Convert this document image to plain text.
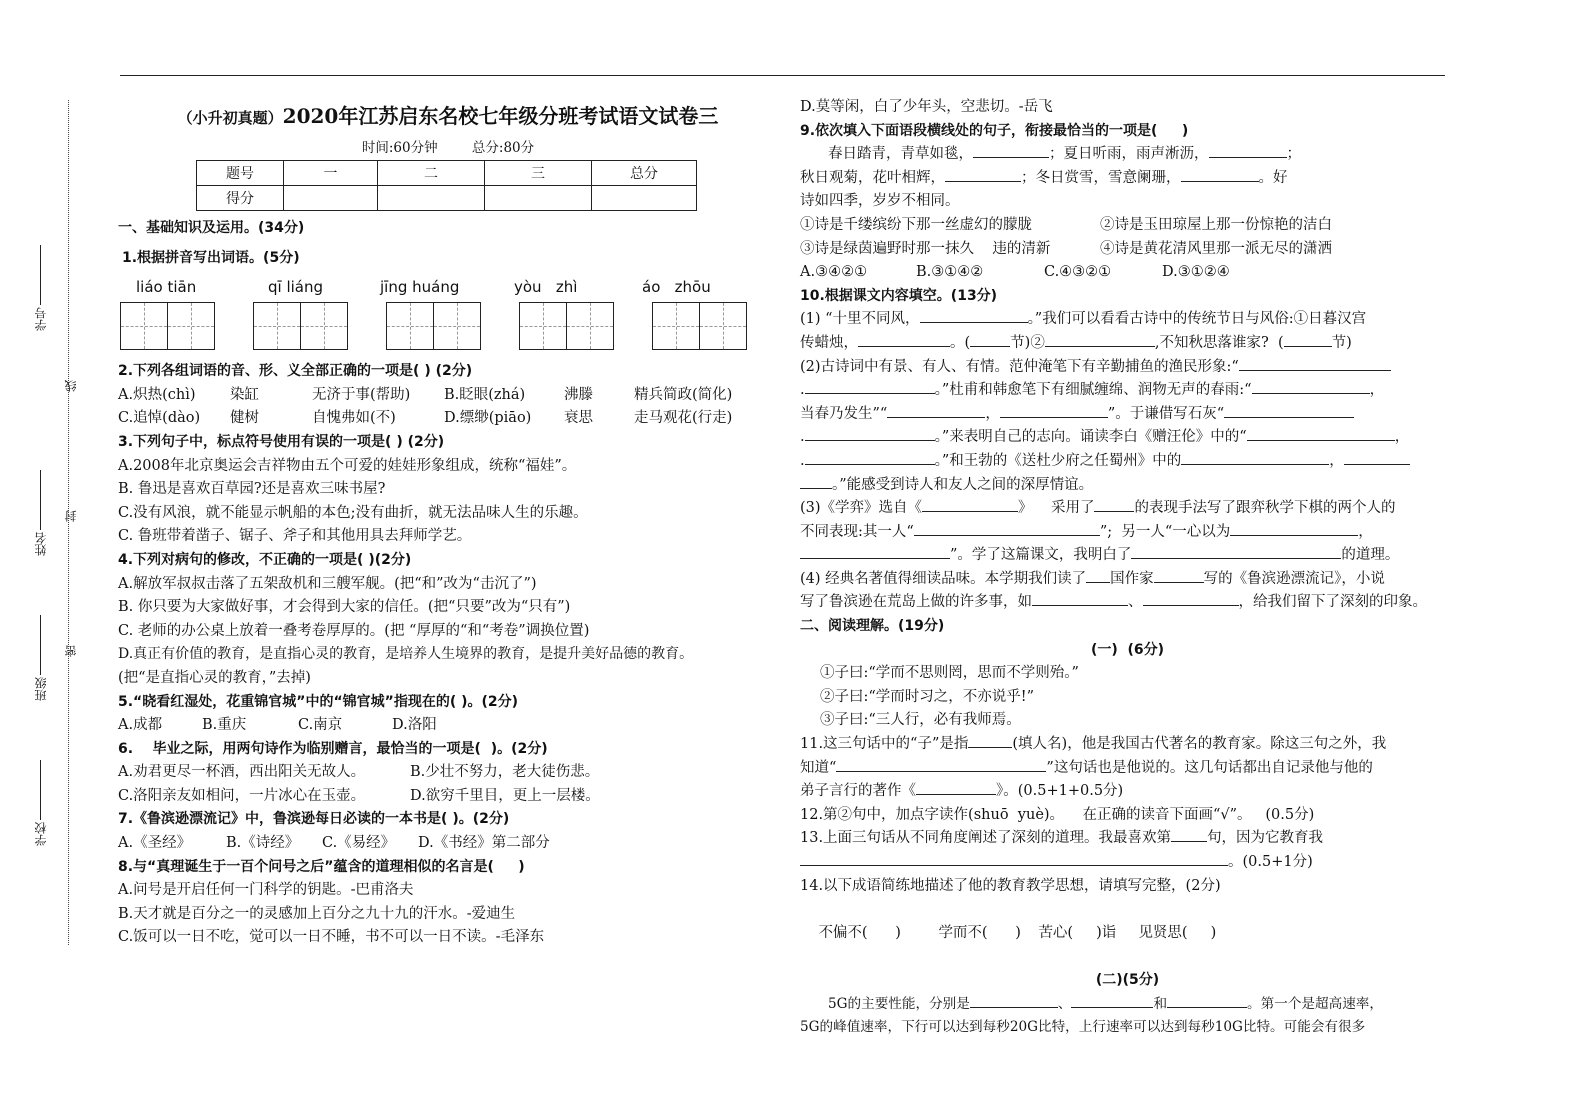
学号
线
姓名
封
班级
密
学校
（小升初真题）2020年江苏启东名校七年级分班考试语文试卷三
时间:60分钟	总分:80分
题号	一	二	三	总分
得分				
一、基础知识及运用。(34分)
1.根据拼音写出词语。(5分)
liáo tiān	qī liáng	jīng huáng	yòu   zhì	áo   zhōu
2.下列各组词语的音、形、义全部正确的一项是( ) (2分)
A.炽热(chì) 染缸	无济于事(帮助) B.眨眼(zhá)	沸滕	精兵简政(简化)
C.追悼(dào) 健树	自愧弗如(不)	D.缥缈(piāo) 衰思	走马观花(行走)
3.下列句子中，标点符号使用有误的一项是( ) (2分)
A.2008年北京奥运会吉祥物由五个可爱的娃娃形象组成，统称“福娃”。
B. 鲁迅是喜欢百草园?还是喜欢三味书屋?
C.没有风浪，就不能显示帆船的本色;没有曲折，就无法品味人生的乐趣。
C. 鲁班带着凿子、锯子、斧子和其他用具去拜师学艺。
4.下列对病句的修改，不正确的一项是( )(2分)
A.解放军叔叔击落了五架敌机和三艘军舰。(把“和”改为“击沉了”)
B. 你只要为大家做好事，才会得到大家的信任。(把“只要”改为“只有”)
C. 老师的办公桌上放着一叠考卷厚厚的。(把 “厚厚的“和“考卷”调换位置)
D.真正有价值的教育，是直指心灵的教育，是培养人生境界的教育，是提升美好品德的教育。
(把“是直指心灵的教育，”去掉)
5.“晓看红湿处，花重锦官城”中的“锦官城”指现在的( )。(2分)
A.成都	B.重庆	C.南京	D.洛阳
6.    毕业之际，用两句诗作为临别赠言，最恰当的一项是(  )。(2分)
A.劝君更尽一杯酒，西出阳关无故人。	B.少壮不努力，老大徒伤悲。
C.洛阳亲友如相问，一片冰心在玉壶。	D.欲穷千里目，更上一层楼。
7.《鲁滨逊漂流记》中，鲁滨逊每日必读的一本书是( )。(2分)
A.《圣经》 B.《诗经》 C.《易经》 D.《书经》第二部分
8.与“真理诞生于一百个问号之后”蕴含的道理相似的名言是(     )
A.问号是开启任何一门科学的钥匙。-巴甫洛夫
B.天才就是百分之一的灵感加上百分之九十九的汗水。-爱迪生
C.饭可以一日不吃，觉可以一日不睡，书不可以一日不读。-毛泽东
D.莫等闲，白了少年头，空悲切。-岳飞
9.依次填入下面语段横线处的句子，衔接最恰当的一项是(     )
春日踏青，青草如毯，	；夏日听雨，雨声淅沥，	；
秋日观菊，花叶相辉，	；冬日赏雪，雪意阑珊，	。好
诗如四季，岁岁不相同。
①诗是千缕缤纷下那一丝虚幻的朦胧	②诗是玉田琼屋上那一份惊艳的洁白
③诗是绿茵遍野时那一抹久    违的清新	④诗是黄花清风里那一派无尽的潇洒
A.③④②①	B.③①④②	C.④③②①	D.③①②④
10.根据课文内容填空。(13分)
(1) “十里不同风，	。”我们可以看看古诗中的传统节日与风俗:①日暮汉宫
传蜡烛，	。(	节)②	,不知秋思落谁家?  (	节)
(2)古诗词中有景、有人、有情。范仲淹笔下有辛勤捕鱼的渔民形象:“
.	。”杜甫和韩愈笔下有细腻缠绵、润物无声的春雨:“	，
当春乃发生”“	，	”。于谦借写石灰“
.	。”来表明自己的志向。诵读李白《赠汪伦》中的“	，
.	。”和王勃的《送杜少府之任蜀州》中的	，
。”能感受到诗人和友人之间的深厚情谊。
(3)《学弈》选自《	》    采用了	的表现手法写了跟弈秋学下棋的两个人的
不同表现:其一人“	”;  另一人“一心以为	，
”。学了这篇课文，我明白了	的道理。
(4) 经典名著值得细读品味。本学期我们读了 国作家	写的《鲁滨逊漂流记》，小说
写了鲁滨逊在荒岛上做的许多事，如	、	，给我们留下了深刻的印象。
二、阅读理解。(19分)
(一)  (6分)
①子曰:“学而不思则罔，思而不学则殆。”
②子曰:“学而时习之，不亦说乎!”
③子曰:“三人行，必有我师焉。
11.这三句话中的“子”是指	(填人名)，他是我国古代著名的教育家。除这三句之外，我
知道“	”这句话也是他说的。这几句话都出自记录他与他的
弟子言行的著作《	》。(0.5+1+0.5分)
12.第②句中，加点字读作(shuō  yuè)。    在正确的读音下面画“√”。   (0.5分)
13.上面三句话从不同角度阐述了深刻的道理。我最喜欢第 句，因为它教育我
。(0.5+1分)
14.以下成语简练地描述了他的教育教学思想，请填写完整，(2分)

不偏不(      )	学而不(      ) 苦心(     )诣 见贤思(     )

(二)(5分)
5G的主要性能，分别是	、	和	。第一个是超高速率，
5G的峰值速率，下行可以达到每秒20G比特，上行速率可以达到每秒10G比特。可能会有很多
